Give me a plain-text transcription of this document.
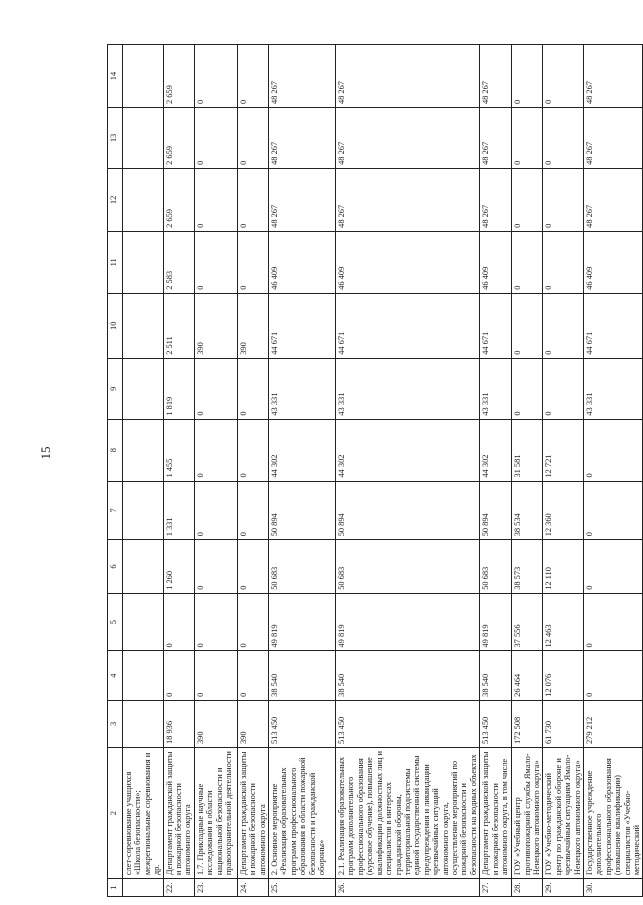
15
1	2	3	4	5	6	7	8	9	10	11	12	13	14
	слет-соревнование учащихся «Школа безопасности»; межрегиональные соревнования и др.												
22.	Департамент гражданской защиты и пожарной безопасности автономного округа	18 936	0	0	1 260	1 331	1 455	1 819	2 511	2 583	2 659	2 659	2 659
23.	1.7. Прикладные научные исследования в области национальной безопасности и правоохранительной деятельности	390	0	0	0	0	0	0	390	0	0	0	0
24.	Департамент гражданской защиты и пожарной безопасности автономного округа	390	0	0	0	0	0	0	390	0	0	0	0
25.	2. Основное мероприятие «Реализация образовательных программ профессионального образования в области пожарной безопасности и гражданской обороны»	513 450	38 540	49 819	50 683	50 894	44 302	43 331	44 671	46 409	48 267	48 267	48 267
26.	2.1. Реализация образовательных программ дополнительного профессионального образования (курсовое обучение), повышение квалификации должностных лиц и специалистов в интересах гражданской обороны, территориальной подсистемы единой государственной системы предупреждения и ликвидации чрезвычайных ситуаций автономного округа, осуществление мероприятий по пожарной безопасности и безопасности на водных объектах	513 450	38 540	49 819	50 683	50 894	44 302	43 331	44 671	46 409	48 267	48 267	48 267
27.	Департамент гражданской защиты и пожарной безопасности автономного округа, в том числе	513 450	38 540	49 819	50 683	50 894	44 302	43 331	44 671	46 409	48 267	48 267	48 267
28.	ГОУ «Учебный центр противопожарной службы Ямало-Ненецкого автономного округа»	172 508	26 464	37 556	38 573	38 534	31 581	0	0	0	0	0	0
29.	ГОУ «Учебно-методический центр по гражданской обороне и чрезвычайным ситуациям Ямало-Ненецкого автономного округа»	61 730	12 076	12 463	12 110	12 360	12 721	0	0	0	0	0	0
30.	Государственное учреждение дополнительного профессионального образования (повышение квалификации) специалистов «Учебно-методический	279 212	0	0	0	0	0	43 331	44 671	46 409	48 267	48 267	48 267
